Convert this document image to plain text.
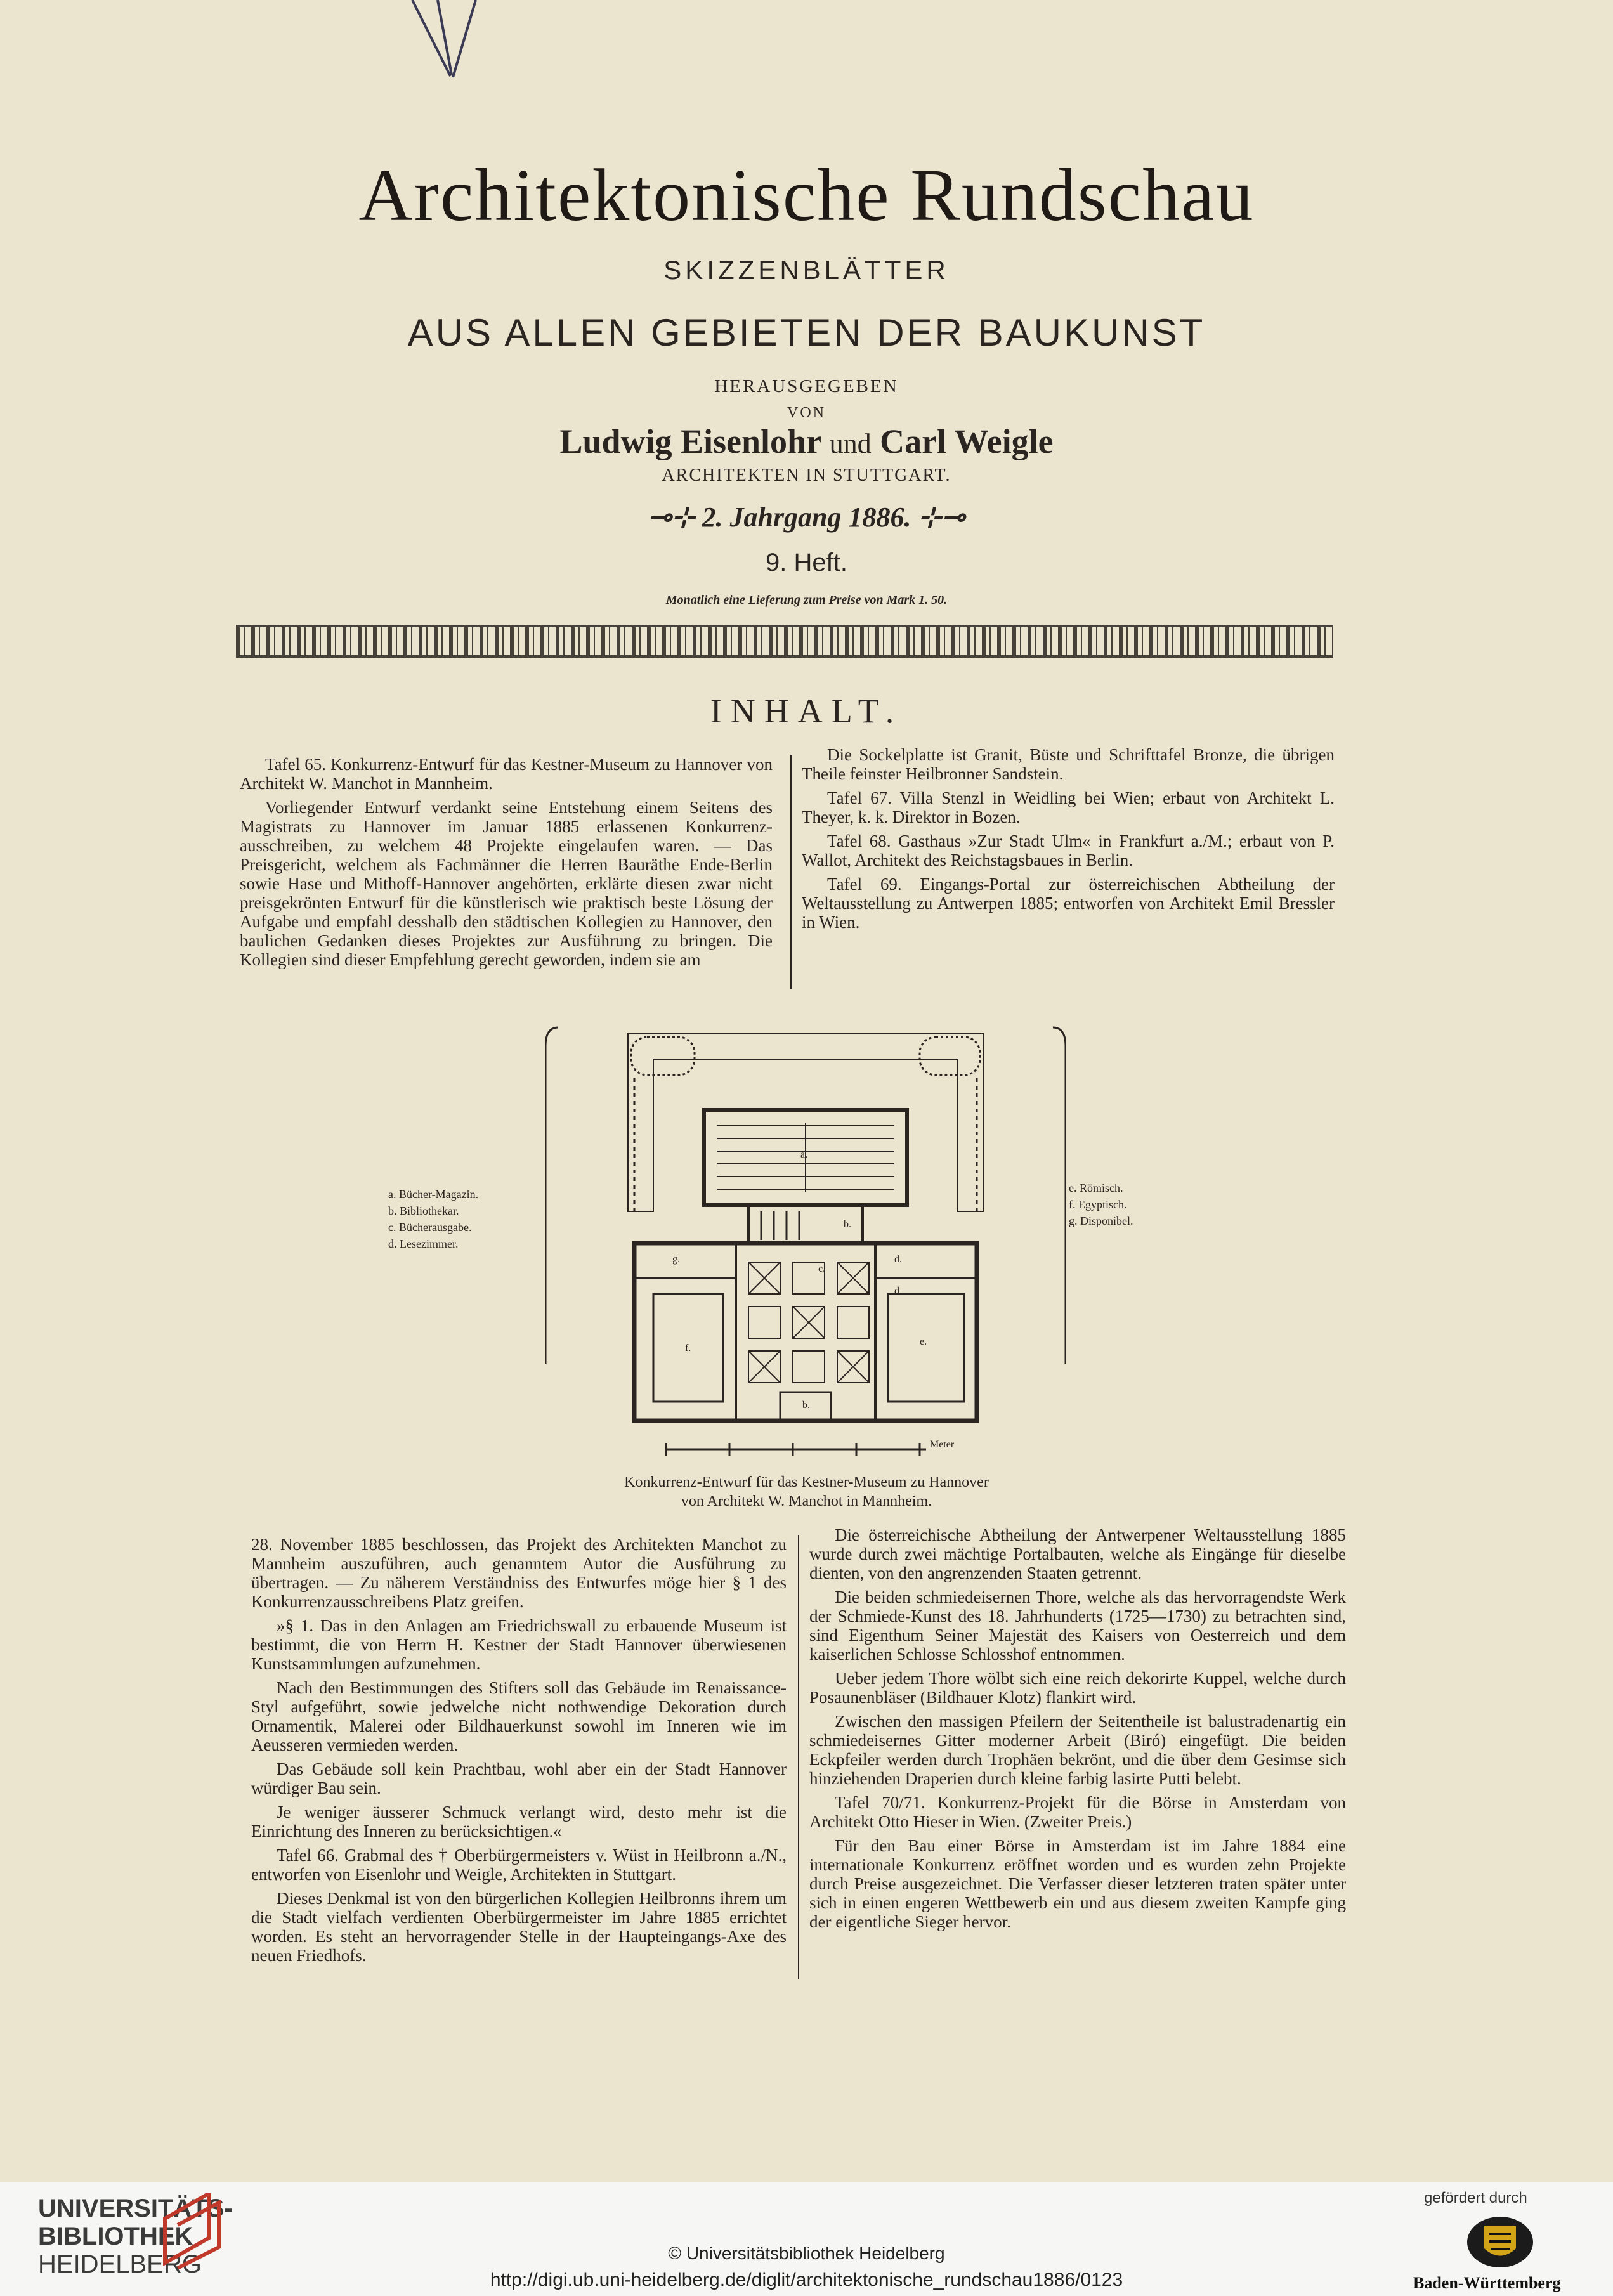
Architektonische Rundschau
SKIZZENBLÄTTER
AUS ALLEN GEBIETEN DER BAUKUNST
HERAUSGEGEBEN
VON
Ludwig Eisenlohr und Carl Weigle
ARCHITEKTEN IN STUTTGART.
⊸⊹ 2. Jahrgang 1886. ⊹⊸
9. Heft.
Monatlich eine Lieferung zum Preise von Mark 1. 50.
INHALT.

Tafel 65. Konkurrenz-Entwurf für das Kestner-Museum zu Hannover von Architekt W. Manchot in Mannheim.

Vorliegender Entwurf verdankt seine Entstehung einem Seitens des Magistrats zu Hannover im Januar 1885 erlassenen Konkurrenz-ausschreiben, zu welchem 48 Projekte eingelaufen waren. — Das Preisgericht, welchem als Fachmänner die Herren Bauräthe Ende-Berlin sowie Hase und Mithoff-Hannover angehörten, erklärte diesen zwar nicht preisgekrönten Entwurf für die künstlerisch wie praktisch beste Lösung der Aufgabe und empfahl desshalb den städtischen Kollegien zu Hannover, den baulichen Gedanken dieses Projektes zur Ausführung zu bringen. Die Kollegien sind dieser Empfehlung gerecht geworden, indem sie am

Die Sockelplatte ist Granit, Büste und Schrifttafel Bronze, die übrigen Theile feinster Heilbronner Sandstein.

Tafel 67. Villa Stenzl in Weidling bei Wien; erbaut von Architekt L. Theyer, k. k. Direktor in Bozen.

Tafel 68. Gasthaus »Zur Stadt Ulm« in Frankfurt a./M.; erbaut von P. Wallot, Architekt des Reichstagsbaues in Berlin.

Tafel 69. Eingangs-Portal zur österreichischen Abtheilung der Weltausstellung zu Antwerpen 1885; entworfen von Architekt Emil Bressler in Wien.

a. Bücher-Magazin.
b. Bibliothekar.
c. Bücherausgabe.
d. Lesezimmer.
e. Römisch.
f. Egyptisch.
g. Disponibel.
a.
b.
c.
d.
d.
e.
f.
g.
b.
Meter
Konkurrenz-Entwurf für das Kestner-Museum zu Hannover
von Architekt W. Manchot in Mannheim.

28. November 1885 beschlossen, das Projekt des Architekten Manchot zu Mannheim auszuführen, auch genanntem Autor die Ausführung zu übertragen. — Zu näherem Verständniss des Entwurfes möge hier § 1 des Konkurrenzausschreibens Platz greifen.

»§ 1. Das in den Anlagen am Friedrichswall zu erbauende Museum ist bestimmt, die von Herrn H. Kestner der Stadt Hannover überwiesenen Kunstsammlungen aufzunehmen.

Nach den Bestimmungen des Stifters soll das Gebäude im Renaissance-Styl aufgeführt, sowie jedwelche nicht nothwendige Dekoration durch Ornamentik, Malerei oder Bildhauerkunst sowohl im Inneren wie im Aeusseren vermieden werden.

Das Gebäude soll kein Prachtbau, wohl aber ein der Stadt Hannover würdiger Bau sein.

Je weniger äusserer Schmuck verlangt wird, desto mehr ist die Einrichtung des Inneren zu berücksichtigen.«

Tafel 66. Grabmal des † Oberbürgermeisters v. Wüst in Heilbronn a./N., entworfen von Eisenlohr und Weigle, Architekten in Stuttgart.

Dieses Denkmal ist von den bürgerlichen Kollegien Heilbronns ihrem um die Stadt vielfach verdienten Oberbürgermeister im Jahre 1885 errichtet worden. Es steht an hervorragender Stelle in der Haupteingangs-Axe des neuen Friedhofs.

Die österreichische Abtheilung der Antwerpener Weltausstellung 1885 wurde durch zwei mächtige Portalbauten, welche als Eingänge für dieselbe dienten, von den angrenzenden Staaten getrennt.

Die beiden schmiedeisernen Thore, welche als das hervorragendste Werk der Schmiede-Kunst des 18. Jahrhunderts (1725—1730) zu betrachten sind, sind Eigenthum Seiner Majestät des Kaisers von Oesterreich und dem kaiserlichen Schlosse Schlosshof entnommen.

Ueber jedem Thore wölbt sich eine reich dekorirte Kuppel, welche durch Posaunenbläser (Bildhauer Klotz) flankirt wird.

Zwischen den massigen Pfeilern der Seitentheile ist balustradenartig ein schmiedeisernes Gitter moderner Arbeit (Biró) eingefügt. Die beiden Eckpfeiler werden durch Trophäen bekrönt, und die über dem Gesimse sich hinziehenden Draperien durch kleine farbig lasirte Putti belebt.

Tafel 70/71. Konkurrenz-Projekt für die Börse in Amsterdam von Architekt Otto Hieser in Wien. (Zweiter Preis.)

Für den Bau einer Börse in Amsterdam ist im Jahre 1884 eine internationale Konkurrenz eröffnet worden und es wurden zehn Projekte durch Preise ausgezeichnet. Die Verfasser dieser letzteren traten später unter sich in einen engeren Wettbewerb ein und aus diesem zweiten Kampfe ging der eigentliche Sieger hervor.

UNIVERSITÄTS-
BIBLIOTHEK
HEIDELBERG	© Universitätsbibliothek Heidelberg
http://digi.ub.uni-heidelberg.de/diglit/architektonische_rundschau1886/0123
gefördert durch
Baden-Württemberg
